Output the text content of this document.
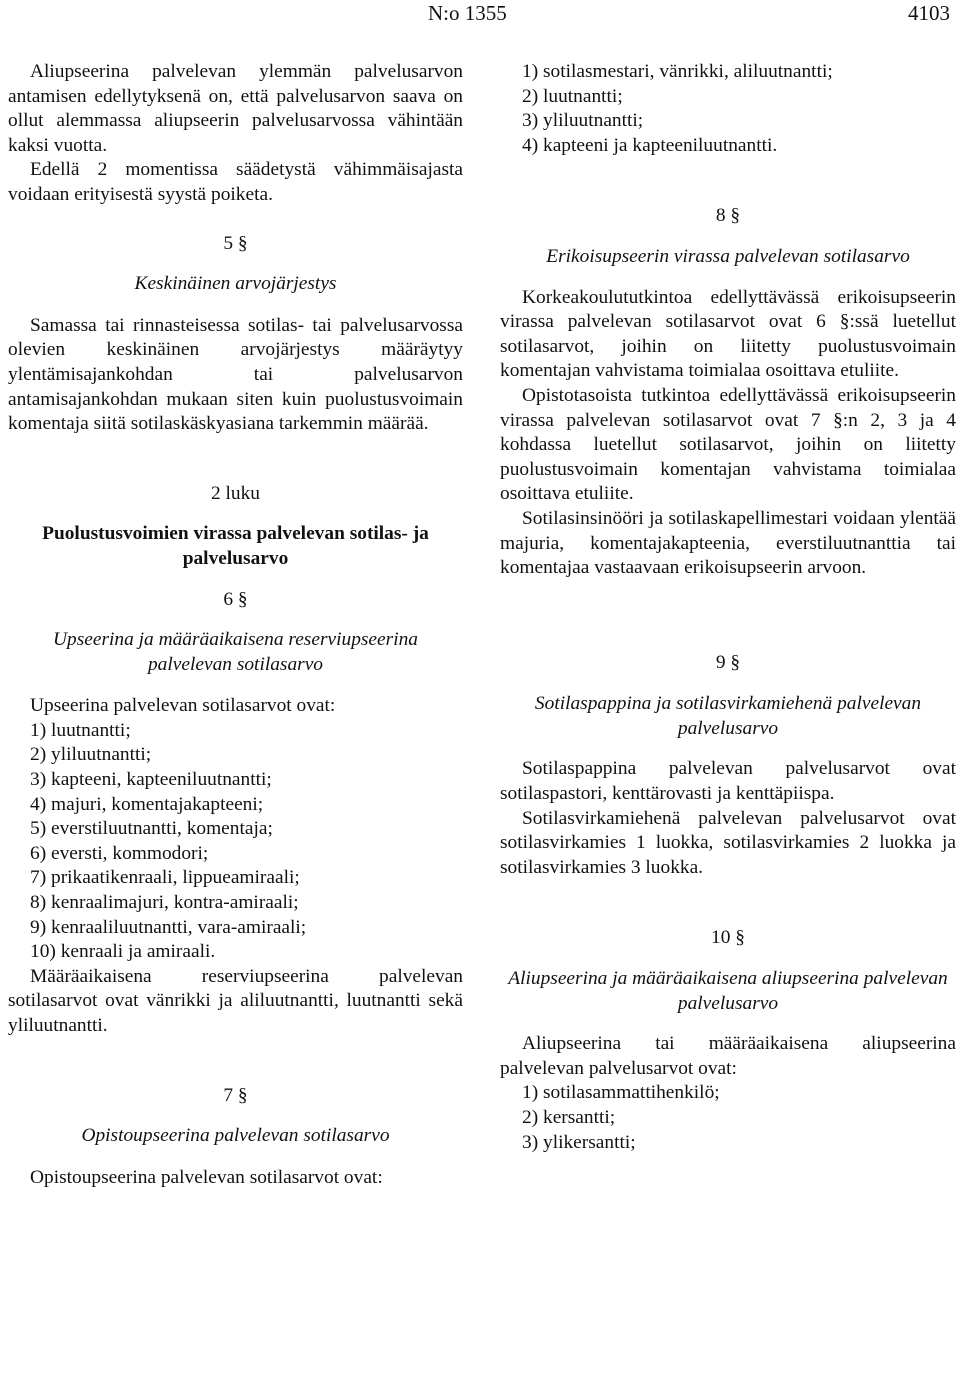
N:o 1355	4103

Aliupseerina palvelevan ylemmän palvelusarvon antamisen edellytyksenä on, että palvelusarvon saava on ollut alemmassa aliupseerin palvelusarvossa vähintään kaksi vuotta.

Edellä 2 momentissa säädetystä vähimmäisajasta voidaan erityisestä syystä poiketa.

5 §

Keskinäinen arvojärjestys

Samassa tai rinnasteisessa sotilas- tai palvelusarvossa olevien keskinäinen arvojärjestys määräytyy ylentämisajankohdan tai palvelusarvon antamisajankohdan mukaan siten kuin puolustusvoimain komentaja siitä sotilaskäskyasiana tarkemmin määrää.

2 luku

Puolustusvoimien virassa palvelevan sotilas- ja palvelusarvo

6 §

Upseerina ja määräaikaisena reserviupseerina palvelevan sotilasarvo

Upseerina palvelevan sotilasarvot ovat:

1) luutnantti;

2) yliluutnantti;

3) kapteeni, kapteeniluutnantti;

4) majuri, komentajakapteeni;

5) everstiluutnantti, komentaja;

6) eversti, kommodori;

7) prikaatikenraali, lippueamiraali;

8) kenraalimajuri, kontra-amiraali;

9) kenraaliluutnantti, vara-amiraali;

10) kenraali ja amiraali.

Määräaikaisena reserviupseerina palvelevan sotilasarvot ovat vänrikki ja aliluutnantti, luutnantti sekä yliluutnantti.

7 §

Opistoupseerina palvelevan sotilasarvo

Opistoupseerina palvelevan sotilasarvot ovat:

1) sotilasmestari, vänrikki, aliluutnantti;

2) luutnantti;

3) yliluutnantti;

4) kapteeni ja kapteeniluutnantti.

8 §

Erikoisupseerin virassa palvelevan sotilasarvo

Korkeakoulututkintoa edellyttävässä erikoisupseerin virassa palvelevan sotilasarvot ovat 6 §:ssä luetellut sotilasarvot, joihin on liitetty puolustusvoimain komentajan vahvistama toimialaa osoittava etuliite.

Opistotasoista tutkintoa edellyttävässä erikoisupseerin virassa palvelevan sotilasarvot ovat 7 §:n 2, 3 ja 4 kohdassa luetellut sotilasarvot, joihin on liitetty puolustusvoimain komentajan vahvistama toimialaa osoittava etuliite.

Sotilasinsinööri ja sotilaskapellimestari voidaan ylentää majuria, komentajakapteenia, everstiluutnanttia tai komentajaa vastaavaan erikoisupseerin arvoon.

9 §

Sotilaspappina ja sotilasvirkamiehenä palvelevan palvelusarvo

Sotilaspappina palvelevan palvelusarvot ovat sotilaspastori, kenttärovasti ja kenttäpiispa.

Sotilasvirkamiehenä palvelevan palvelusarvot ovat sotilasvirkamies 1 luokka, sotilasvirkamies 2 luokka ja sotilasvirkamies 3 luokka.

10 §

Aliupseerina ja määräaikaisena aliupseerina palvelevan palvelusarvo

Aliupseerina tai määräaikaisena aliupseerina palvelevan palvelusarvot ovat:

1) sotilasammattihenkilö;

2) kersantti;

3) ylikersantti;
